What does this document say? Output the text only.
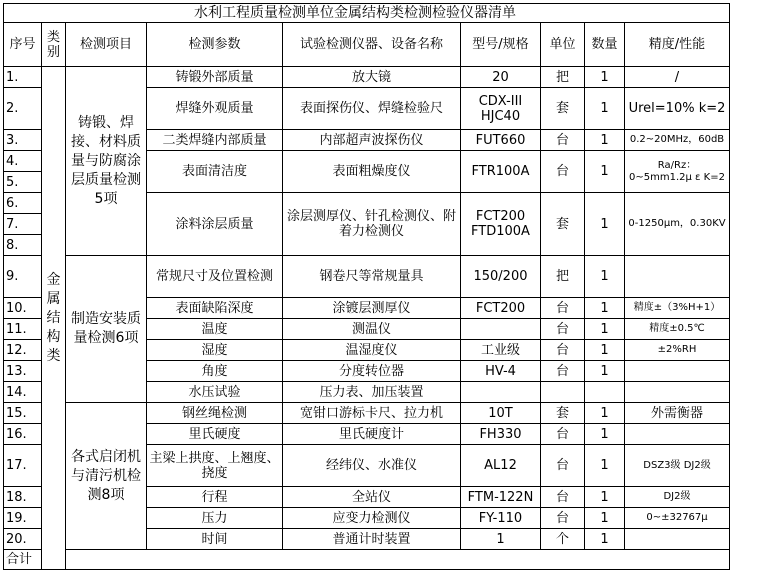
水利工程质量检测单位金属结构类检测检验仪器清单								
序号	类别	检测项目	检测参数	试验检测仪器、设备名称	型号/规格	单位	数量	精度/性能
1.	金属结构类	铸锻、焊接、材料质量与防腐涂层质量检测5项	铸锻外部质量	放大镜	20	把	1	/
2.			焊缝外观质量	表面探伤仪、焊缝检验尺	CDX-III HJC40	套	1	Urel=10% k=2
3.			二类焊缝内部质量	内部超声波探伤仪	FUT660	台	1	0.2~20MHz，60dB
4.			表面清洁度	表面粗燥度仪	FTR100A	台	1	Ra/Rz：0~5mm1.2μ ε K=2
5.								
6.			涂料涂层质量	涂层测厚仪、针孔检测仪、附着力检测仪	FCT200 FTD100A	套	1	0-1250μm，0.30KV
7.								
8.								
9.		制造安装质量检测6项	常规尺寸及位置检测	钢卷尺等常规量具	150/200	把	1	
10.			表面缺陷深度	涂镀层测厚仪	FCT200	台	1	精度±（3%H+1）
11.			温度	测温仪		台	1	精度±0.5℃
12.			湿度	温湿度仪	工业级	台	1	±2%RH
13.			角度	分度转位器	HV-4	台	1	
14.			水压试验	压力表、加压装置				
15.		各式启闭机与清污机检测8项	钢丝绳检测	宽钳口游标卡尺、拉力机	10T	套	1	外需衡器
16.			里氏硬度	里氏硬度计	FH330	台	1	
17.			主梁上拱度、上翘度、挠度	经纬仪、水准仪	AL12	台	1	DSZ3级 DJ2级
18.			行程	全站仪	FTM-122N	台	1	DJ2级
19.			压力	应变力检测仪	FY-110	台	1	0~±32767μ
20.			时间	普通计时装置	1	个	1	
合计								
